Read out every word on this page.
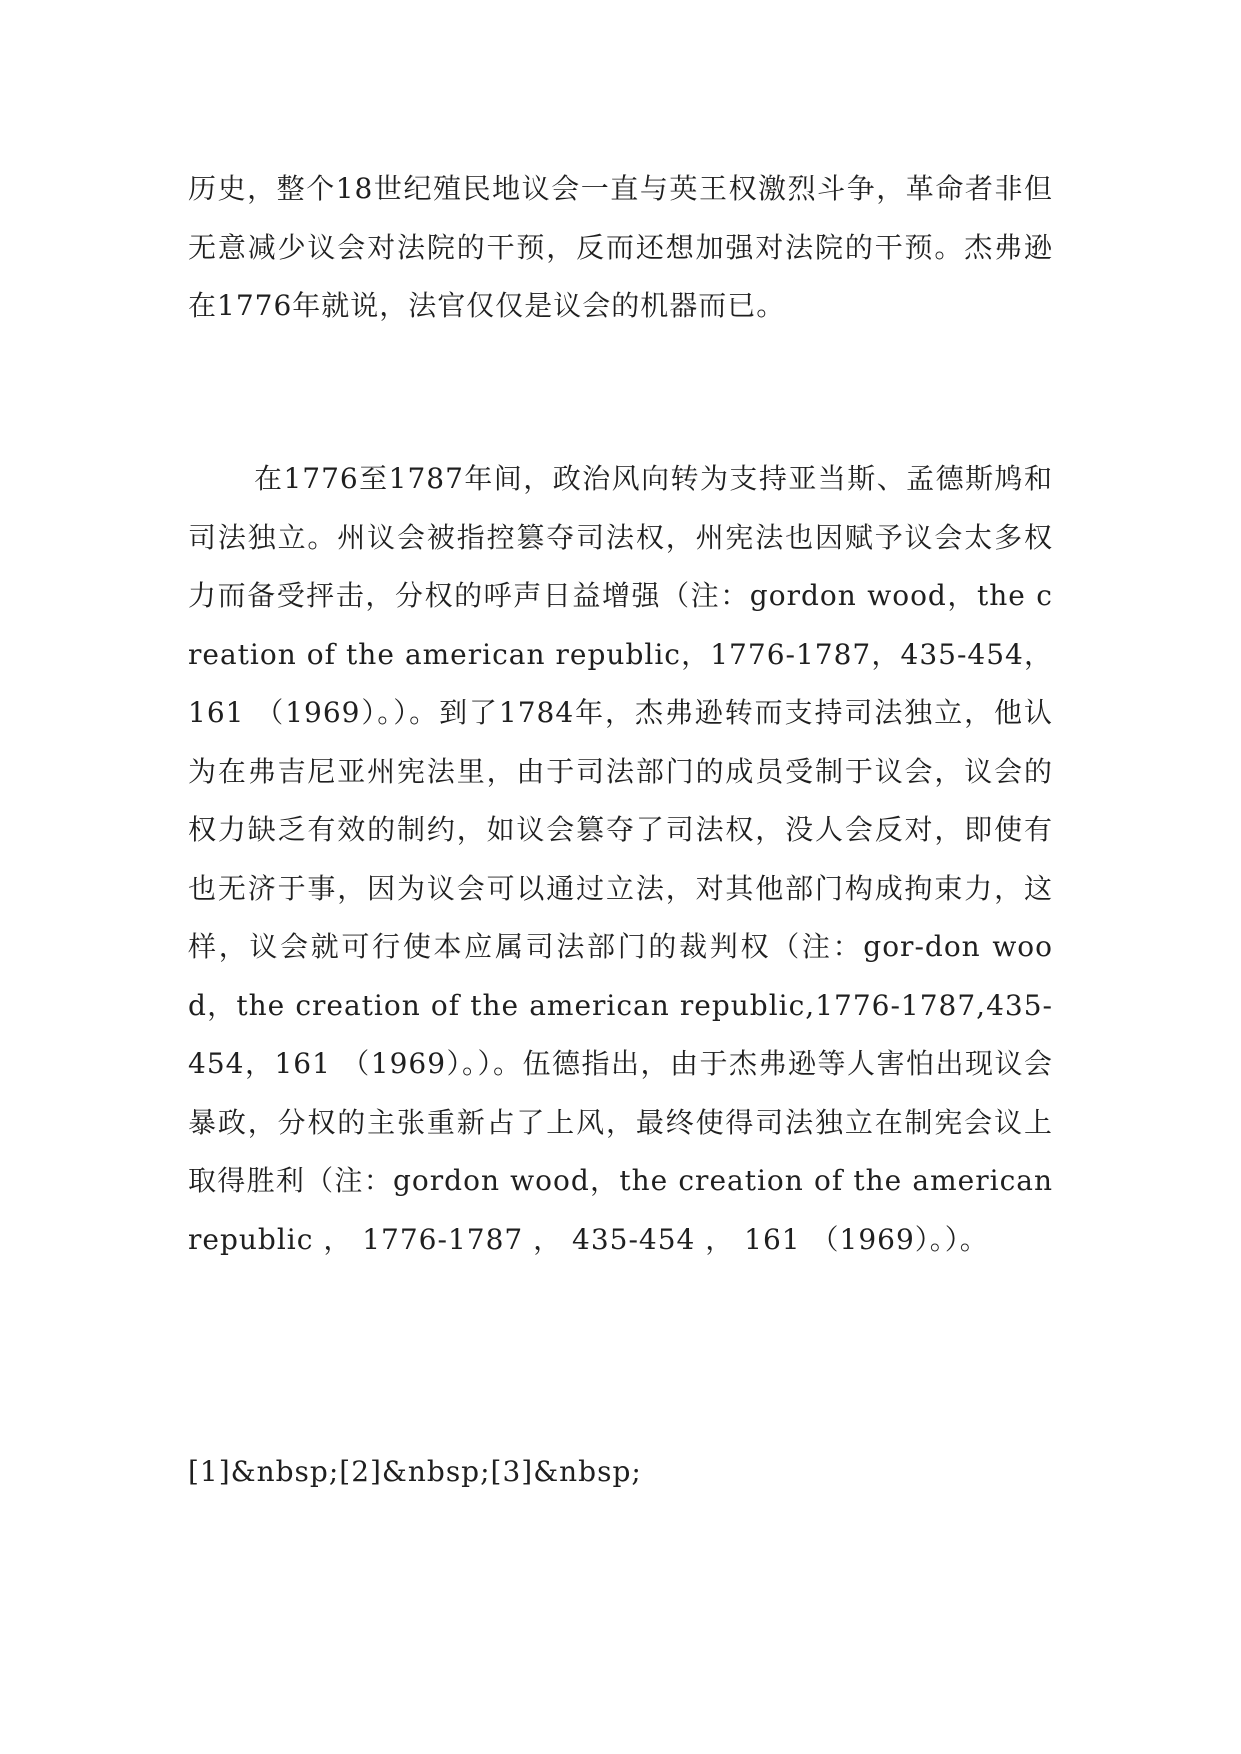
历史，整个18世纪殖民地议会一直与英王权激烈斗争，革命者非但无意减少议会对法院的干预，反而还想加强对法院的干预。杰弗逊在1776年就说，法官仅仅是议会的机器而已。

在1776至1787年间，政治风向转为支持亚当斯、孟德斯鸠和司法独立。州议会被指控篡夺司法权，州宪法也因赋予议会太多权力而备受抨击，分权的呼声日益增强（注：gordon wood，the creation of the american republic，1776-1787，435-454，161 （1969）。）。到了1784年，杰弗逊转而支持司法独立，他认为在弗吉尼亚州宪法里，由于司法部门的成员受制于议会，议会的权力缺乏有效的制约，如议会篡夺了司法权，没人会反对，即使有也无济于事，因为议会可以通过立法，对其他部门构成拘束力，这样，议会就可行使本应属司法部门的裁判权（注：gor-don wood，the creation of the american republic,1776-1787,435-454，161 （1969）。）。伍德指出，由于杰弗逊等人害怕出现议会暴政，分权的主张重新占了上风，最终使得司法独立在制宪会议上取得胜利（注：gordon wood，the creation of the american republic ， 1776-1787 ， 435-454 ， 161 （1969）。）。

[1]&nbsp;[2]&nbsp;[3]&nbsp;
